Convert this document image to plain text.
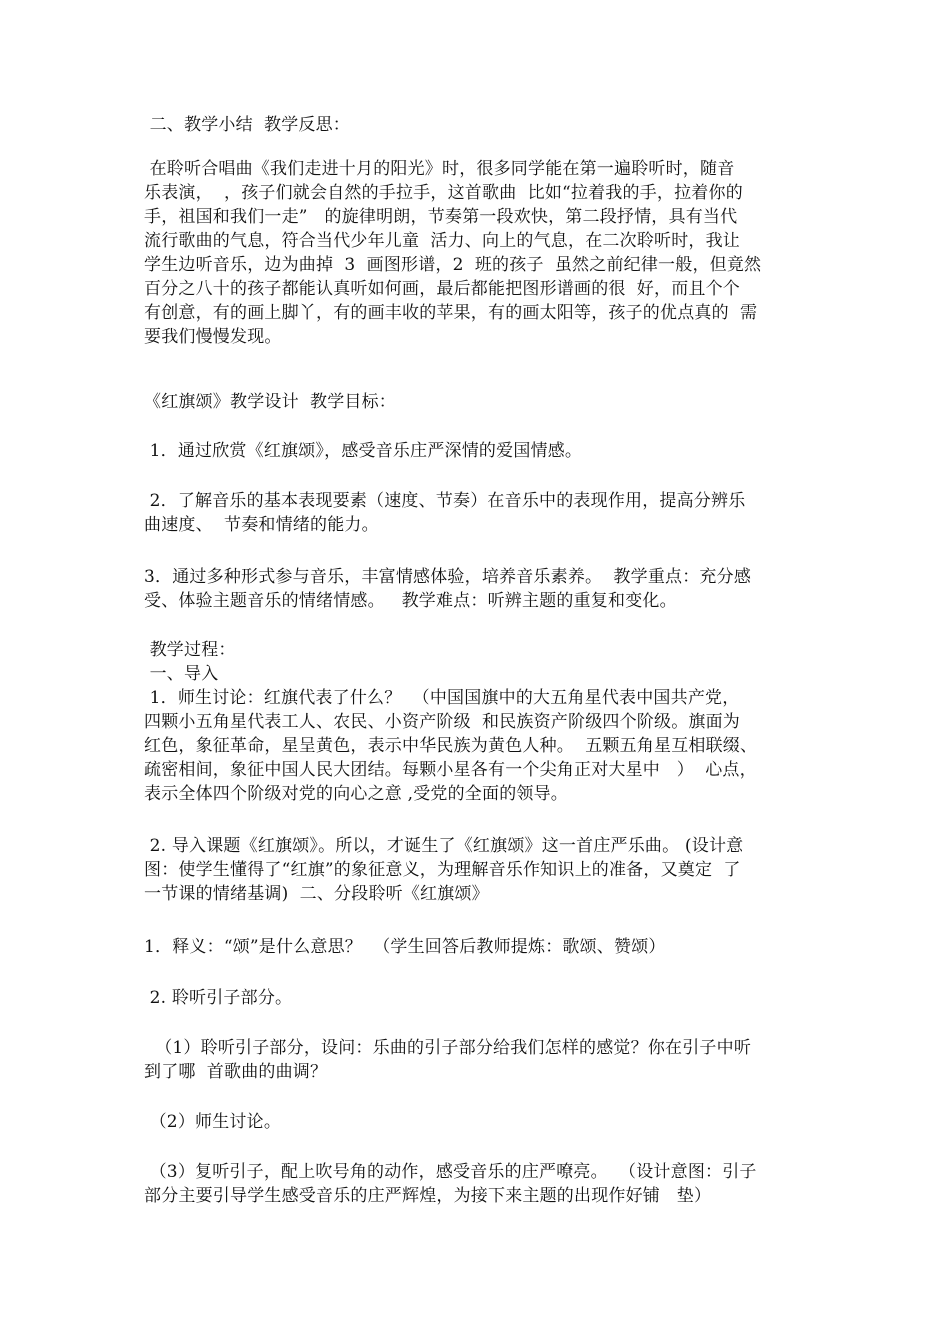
二、教学小结  教学反思：
在聆听合唱曲《我们走进十月的阳光》时，很多同学能在第一遍聆听时，随音
乐表演，  ，孩子们就会自然的手拉手，这首歌曲  比如“拉着我的手，拉着你的
手，祖国和我们一走”   的旋律明朗，节奏第一段欢快，第二段抒情，具有当代
流行歌曲的气息，符合当代少年儿童  活力、向上的气息，在二次聆听时，我让
学生边听音乐，边为曲掉  3  画图形谱，2  班的孩子  虽然之前纪律一般，但竟然
百分之八十的孩子都能认真听如何画，最后都能把图形谱画的很  好，而且个个
有创意，有的画上脚丫，有的画丰收的苹果，有的画太阳等，孩子的优点真的  需
要我们慢慢发现。
《红旗颂》教学设计  教学目标：
1．通过欣赏《红旗颂》，感受音乐庄严深情的爱国情感。
2．了解音乐的基本表现要素（速度、节奏）在音乐中的表现作用，提高分辨乐
曲速度、  节奏和情绪的能力。
3．通过多种形式参与音乐，丰富情感体验，培养音乐素养。  教学重点：充分感
受、体验主题音乐的情绪情感。   教学难点：听辨主题的重复和变化。
教学过程：
一、导入
1．师生讨论：红旗代表了什么？  （中国国旗中的大五角星代表中国共产党，
四颗小五角星代表工人、农民、小资产阶级  和民族资产阶级四个阶级。旗面为
红色，象征革命，星呈黄色，表示中华民族为黄色人种。  五颗五角星互相联缀、
疏密相间，象征中国人民大团结。每颗小星各有一个尖角正对大星中   ）  心点，
表示全体四个阶级对党的向心之意 ,受党的全面的领导。
2. 导入课题《红旗颂》。所以，才诞生了《红旗颂》这一首庄严乐曲。 (设计意
图：使学生懂得了“红旗”的象征意义，为理解音乐作知识上的准备，又奠定  了
一节课的情绪基调)  二、分段聆听《红旗颂》
1．释义：“颂”是什么意思？  （学生回答后教师提炼：歌颂、赞颂）
2. 聆听引子部分。
（1）聆听引子部分，设问：乐曲的引子部分给我们怎样的感觉？你在引子中听
到了哪  首歌曲的曲调？
（2）师生讨论。
（3）复听引子，配上吹号角的动作，感受音乐的庄严嘹亮。  （设计意图：引子
部分主要引导学生感受音乐的庄严辉煌，为接下来主题的出现作好铺   垫）
